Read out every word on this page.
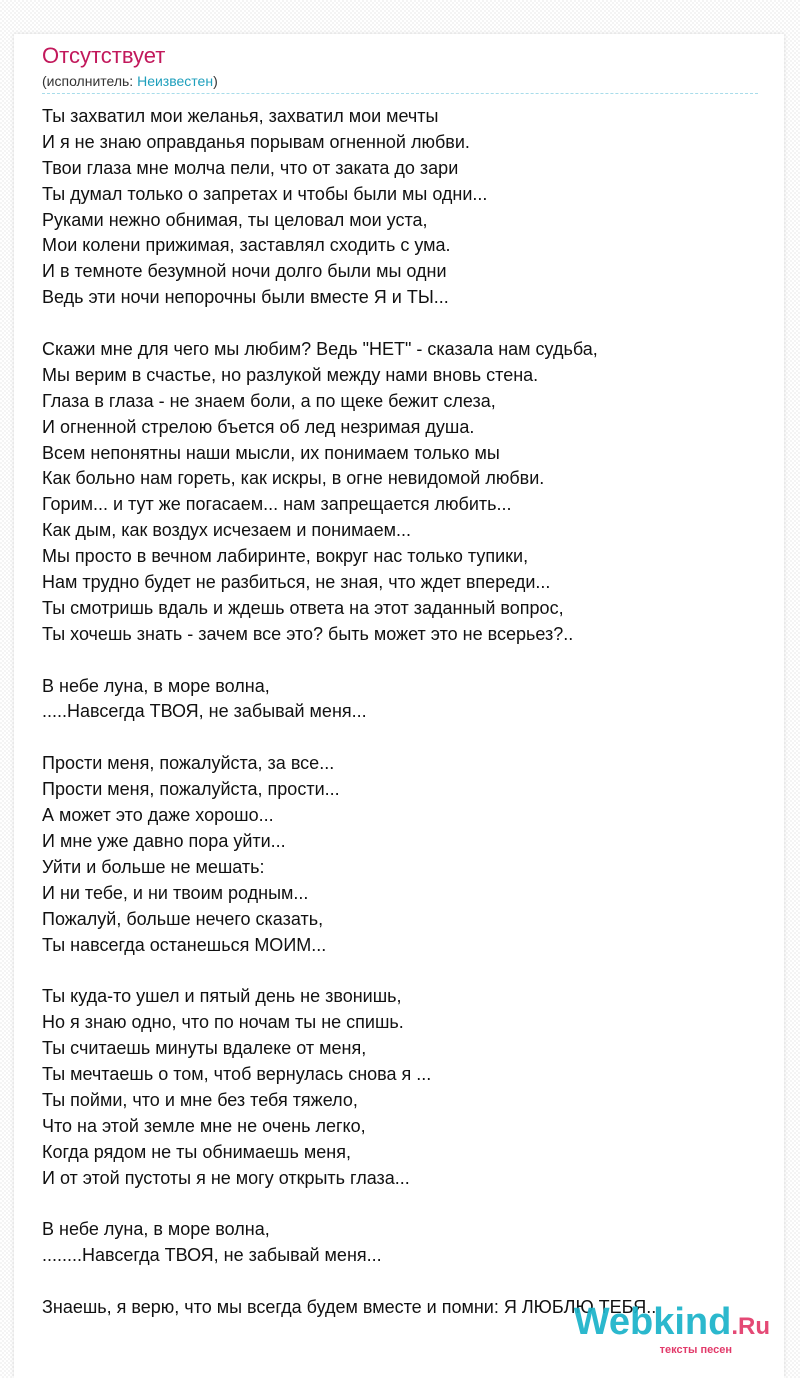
Отсутствует
(исполнитель: Неизвестен)
Ты захватил мои желанья, захватил мои мечты
И я не знаю оправданья порывам огненной любви.
Твои глаза мне молча пели, что от заката до зари
Ты думал только о запретах и чтобы были мы одни...
Руками нежно обнимая, ты целовал мои уста,
Мои колени прижимая, заставлял сходить с ума.
И в темноте безумной ночи долго были мы одни
Ведь эти ночи непорочны были вместе Я и ТЫ...
Скажи мне для чего мы любим? Ведь "НЕТ" - сказала нам судьба,
Мы верим в счастье, но разлукой между нами вновь стена.
Глаза в глаза - не знаем боли, а по щеке бежит слеза,
И огненной стрелою бъется об лед незримая душа.
Всем непонятны наши мысли, их понимаем только мы
Как больно нам гореть, как искры, в огне невидомой любви.
Горим... и тут же погасаем... нам запрещается любить...
Как дым, как воздух исчезаем и понимаем...
Мы просто в вечном лабиринте, вокруг нас только тупики,
Нам трудно будет не разбиться, не зная, что ждет впереди...
Ты смотришь вдаль и ждешь ответа на этот заданный вопрос,
Ты хочешь знать - зачем все это? быть может это не всерьез?..
В небе луна, в море волна,
.....Навсегда ТВОЯ, не забывай меня...
Прости меня, пожалуйста, за все...
Прости меня, пожалуйста, прости...
А может это даже хорошо...
И мне уже давно пора уйти...
Уйти и больше не мешать:
И ни тебе, и ни твоим родным...
Пожалуй, больше нечего сказать,
Ты навсегда останешься МОИМ...
Ты куда-то ушел и пятый день не звонишь,
Но я знаю одно, что по ночам ты не спишь.
Ты считаешь минуты вдалеке от меня,
Ты мечтаешь о том, чтоб вернулась снова я ...
Ты пойми, что и мне без тебя тяжело,
Что на этой земле мне не очень легко,
Когда рядом не ты обнимаешь меня,
И от этой пустоты я не могу открыть глаза...
В небе луна, в море волна,
........Навсегда ТВОЯ, не забывай меня...
Знаешь, я верю, что мы всегда будем вместе и помни: Я ЛЮБЛЮ ТЕБЯ..
Webkind.Ru
тексты песен
